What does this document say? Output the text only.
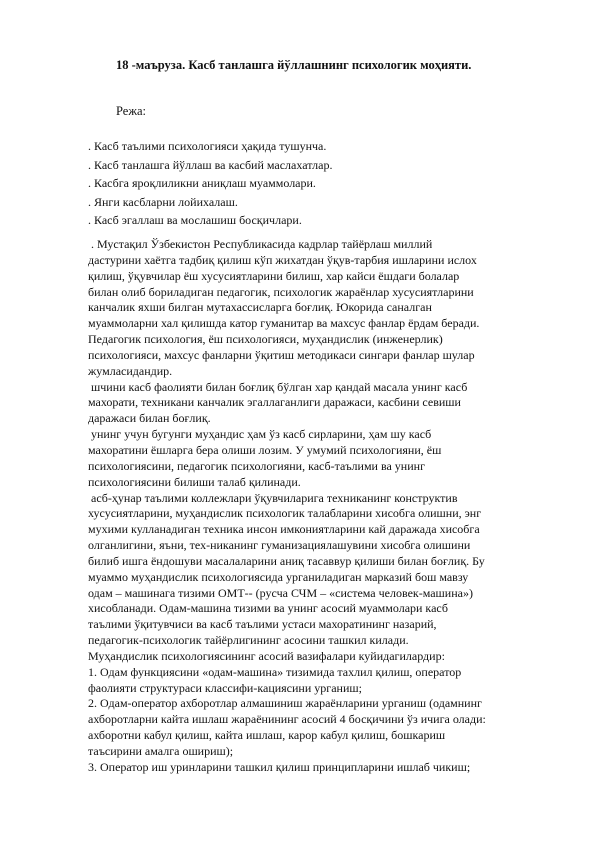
18 -маъруза. Касб танлашга йўллашнинг психологик моҳияти.
Режа:
. Касб таълими психологияси ҳақида тушунча.
. Касб танлашга йўллаш ва касбий маслахатлар.
. Касбга яроқлиликни аниқлаш муаммолари.
. Янги касбларни лойихалаш.
. Касб эгаллаш ва мослашиш босқичлари.
. Мустақил Ўзбекистон Республикасида кадрлар тайёрлаш миллий
дастурини хаётга тадбиқ қилиш кўп жихатдан ўқув-тарбия ишларини ислох
қилиш, ўқувчилар ёш хусусиятларини билиш, хар кайси ёшдаги болалар
билан олиб бориладиган педагогик, психологик жараёнлар хусусиятларини
канчалик яхши билган мутахассисларга боғлиқ. Юкорида саналган
муаммоларни хал қилишда катор гуманитар ва махсус фанлар ёрдам беради.
Педагогик психология, ёш психологияси, муҳандислик (инженерлик)
психологияси, махсус фанларни ўқитиш методикаси сингари фанлар шулар
жумласидандир.
шчини касб фаолияти билан боғлиқ бўлган хар қандай масала унинг касб
махорати, техникани канчалик эгаллаганлиги даражаси, касбини севиши
даражаси билан боғлиқ.
унинг учун бугунги муҳандис ҳам ўз касб сирларини, ҳам шу касб
махоратини ёшларга бера олиши лозим. У умумий психологияни, ёш
психологиясини, педагогик психологияни, касб-таълими ва унинг
психологиясини билиши талаб қилинади.
асб-ҳунар таълими коллежлари ўқувчиларига техниканинг конструктив
хусусиятларини, муҳандислик психологик талабларини хисобга олишни, энг
мухими кулланадиган техника инсон имкониятларини кай даражада хисобга
олганлигини, яъни, тех-никанинг гуманизациялашувини хисобга олишини
билиб ишга ёндошуви масалаларини аниқ тасаввур қилиши билан боғлиқ. Бу
муаммо муҳандислик психологиясида урганиладиган марказий бош мавзу
одам – машинага тизими ОМТ-- (русча СЧМ – «система человек-машина»)
хисобланади. Одам-машина тизими ва унинг асосий муаммолари касб
таълими ўқитувчиси ва касб таълими устаси махоратининг назарий,
педагогик-психологик тайёрлигининг асосини ташкил килади.
Муҳандислик психологиясининг асосий вазифалари куйидагилардир:
1. Одам функциясини «одам-машина» тизимида тахлил қилиш, оператор
фаолияти структураси классифи-кациясини урганиш;
2. Одам-оператор ахборотлар алмашиниш жараёнларини урганиш (одамнинг
ахборотларни кайта ишлаш жараёнининг асосий 4 босқичини ўз ичига олади:
ахборотни кабул қилиш, кайта ишлаш, карор кабул қилиш, бошкариш
таъсирини амалга ошириш);
3. Оператор иш уринларини ташкил қилиш принципларини ишлаб чикиш;
